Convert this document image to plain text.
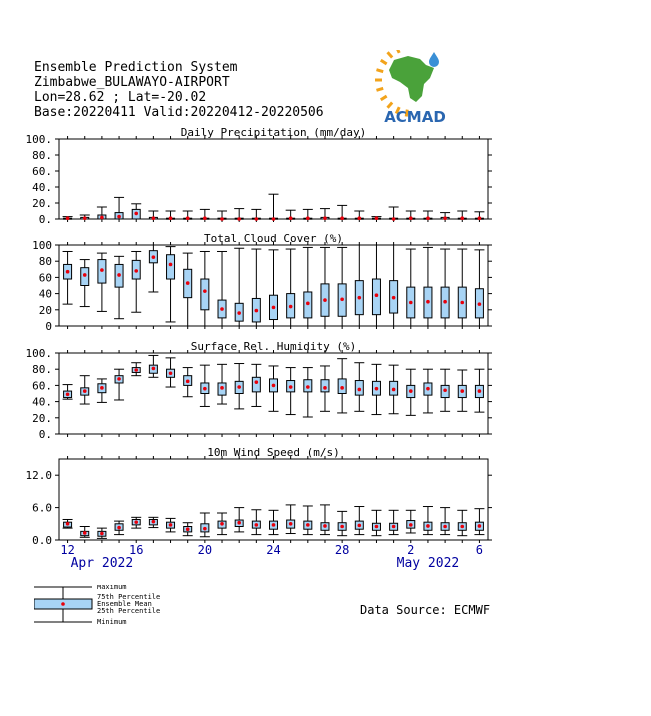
Ensemble Prediction System
Zimbabwe_BULAWAYO-AIRPORT
Lon=28.62 ; Lat=-20.02
Base:20220411 Valid:20220412-20220506	ACMAD
Daily Precipitation (mm/day)
0.
20.
40.
60.
80.
100.
Total Cloud Cover (%)
0
20
40
60
80
100
Surface Rel. Humidity (%)
0.
20.
40.
60.
80.
100.
10m Wind Speed (m/s)
0.0
6.0
12.0
12	16	20	24	28	2	6
Apr 2022	May 2022
Maximum
75th Percentile
Ensemble Mean
25th Percentile
Minimum
Data Source: ECMWF
